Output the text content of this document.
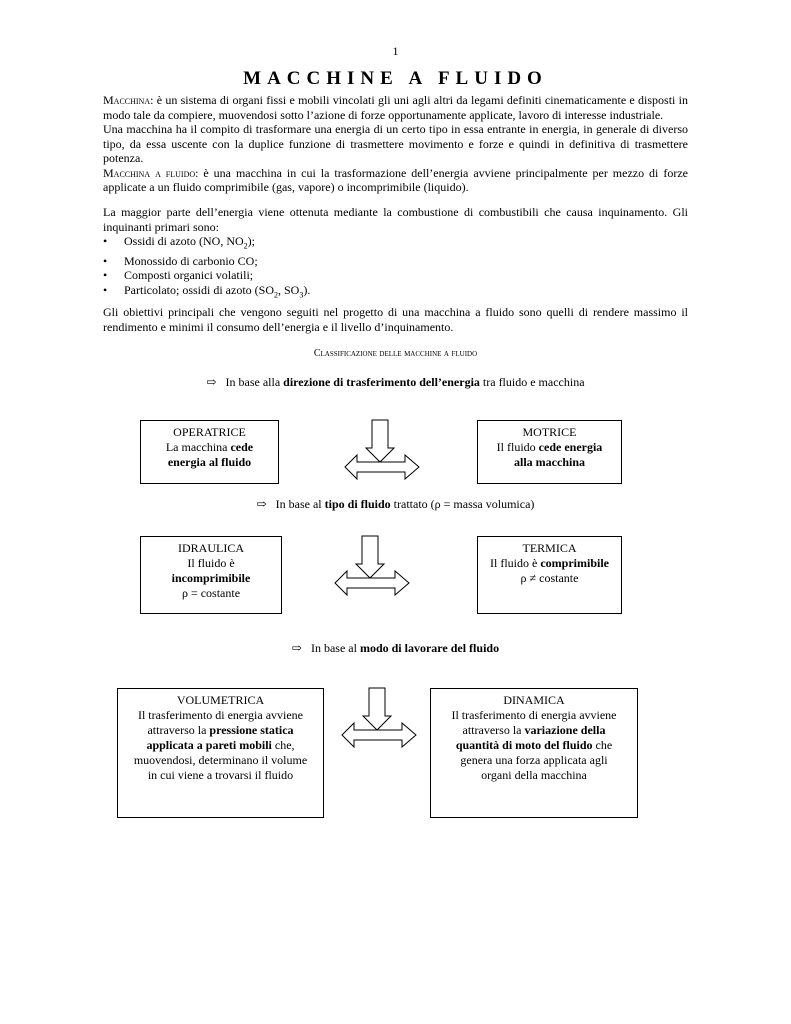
1
MACCHINE A FLUIDO

Macchina: è un sistema di organi fissi e mobili vincolati gli uni agli altri da legami definiti cinematicamente e disposti in modo tale da compiere, muovendosi sotto l’azione di forze opportunamente applicate, lavoro di interesse industriale.

Una macchina ha il compito di trasformare una energia di un certo tipo in essa entrante in energia, in generale di diverso tipo, da essa uscente con la duplice funzione di trasmettere movimento e forze e quindi in definitiva di trasmettere potenza.

Macchina a fluido: è una macchina in cui la trasformazione dell’energia avviene principalmente per mezzo di forze applicate a un fluido comprimibile (gas, vapore) o incomprimibile (liquido).

La maggior parte dell’energia viene ottenuta mediante la combustione di combustibili che causa inquinamento. Gli inquinanti primari sono:

• Ossidi di azoto (NO, $NO_2$);
• Monossido di carbonio CO;
• Composti organici volatili;
• Particolato; ossidi di azoto ($SO_2$, $SO_3$).
Gli obiettivi principali che vengono seguiti nel progetto di una macchina a fluido sono quelli di rendere massimo il rendimento e minimi il consumo dell’energia e il livello d’inquinamento.
Classificazione delle macchine a fluido
⇨ In base alla direzione di trasferimento dell’energia tra fluido e macchina
OPERATRICE
La macchina cede
energia al fluido
MOTRICE
Il fluido cede energia
alla macchina
⇨ In base al tipo di fluido trattato (ρ = massa volumica)
IDRAULICA
Il fluido è
incomprimibile
ρ = costante
TERMICA
Il fluido è comprimibile
ρ ≠ costante
⇨ In base al modo di lavorare del fluido
VOLUMETRICA
Il trasferimento di energia avviene
attraverso la pressione statica
applicata a pareti mobili che,
muovendosi, determinano il volume
in cui viene a trovarsi il fluido
DINAMICA
Il trasferimento di energia avviene
attraverso la variazione della
quantità di moto del fluido che
genera una forza applicata agli
organi della macchina
